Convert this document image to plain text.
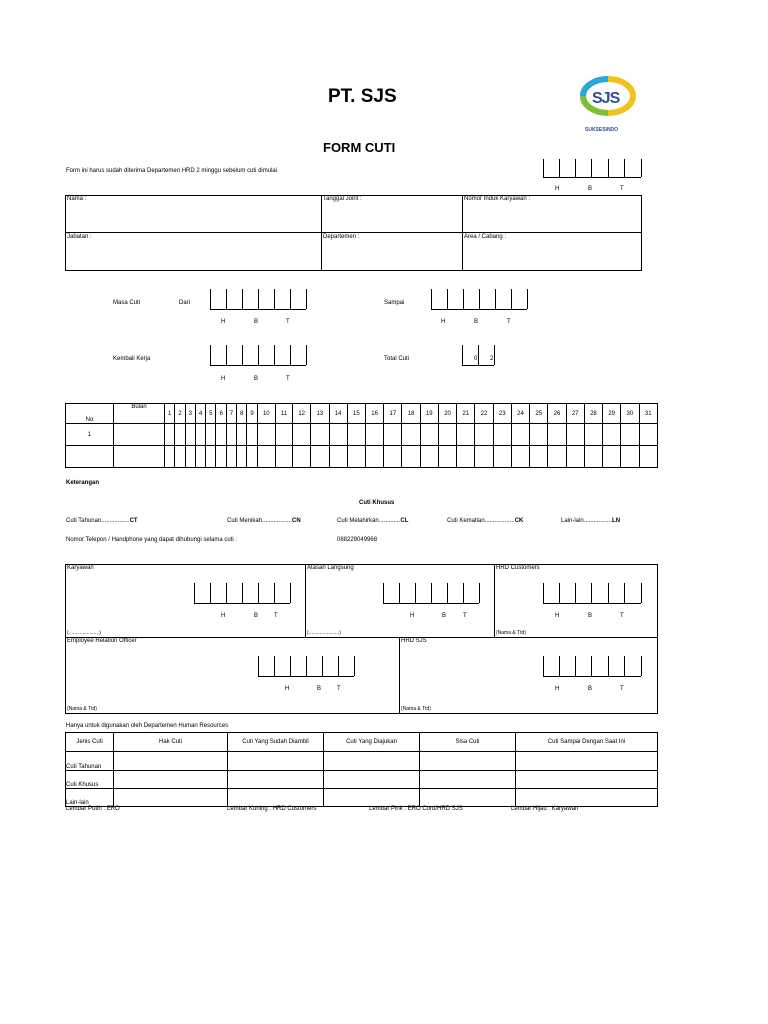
PT. SJS
FORM CUTI
SJS
SUKSESINDO
Form ini harus sudah diterima Departemen HRD 2 minggu sebelum cuti dimulai
H	B	T
Nama :	Tanggal Joint :	Nomor Induk Karyawan :
Jabatan :	Departemen :	Area / Cabang :
Masa Cuti	Dari
H	B	T
Sampai
H	B	T
Kembali Kerja
H	B	T
Total Cuti	0 2
No	Bulan	1	2	3	4	5	6	7	8	9	10	11	12	13	14	15	16	17	18	19	20	21	22	23	24	25	26	27	28	29	30	31
1																																

Keterangan
Cuti Khusus
Cuti Tahunan.................CT	Cuti Menikah..................CN	Cuti Melahirkan.............CL	Cuti Kematian..................CK	Lain-lain.................LN
Nomor Telepon / Handphone yang dapat dihubungi selama cuti :	088229049968
Karyawan	Atasan Langsung	HRD Customers
H	B	T	H	B	T	H	B	T
(......................)	(......................)	(Nama & Ttd)
Employee Relation Officer	HRD SJS
H	B	T	H	B	T
(Nama & Ttd)	(Nama & Ttd)
Hanya untuk digunakan oleh Departemen Human Resources
Jenis Cuti	Hak Cuti	Cuti Yang Sudah Diambil	Cuti Yang Diajukan	Sisa Cuti	Cuti Sampai Dengan Saat Ini
Cuti Tahunan					
Cuti Khusus					
Lain-lain					
Lembar Putih : ERO	Lembar Kuning : HRD Customers	Lembar Pink : ERO Cord/HRD SJS	Lembar Hijau : Karyawan
